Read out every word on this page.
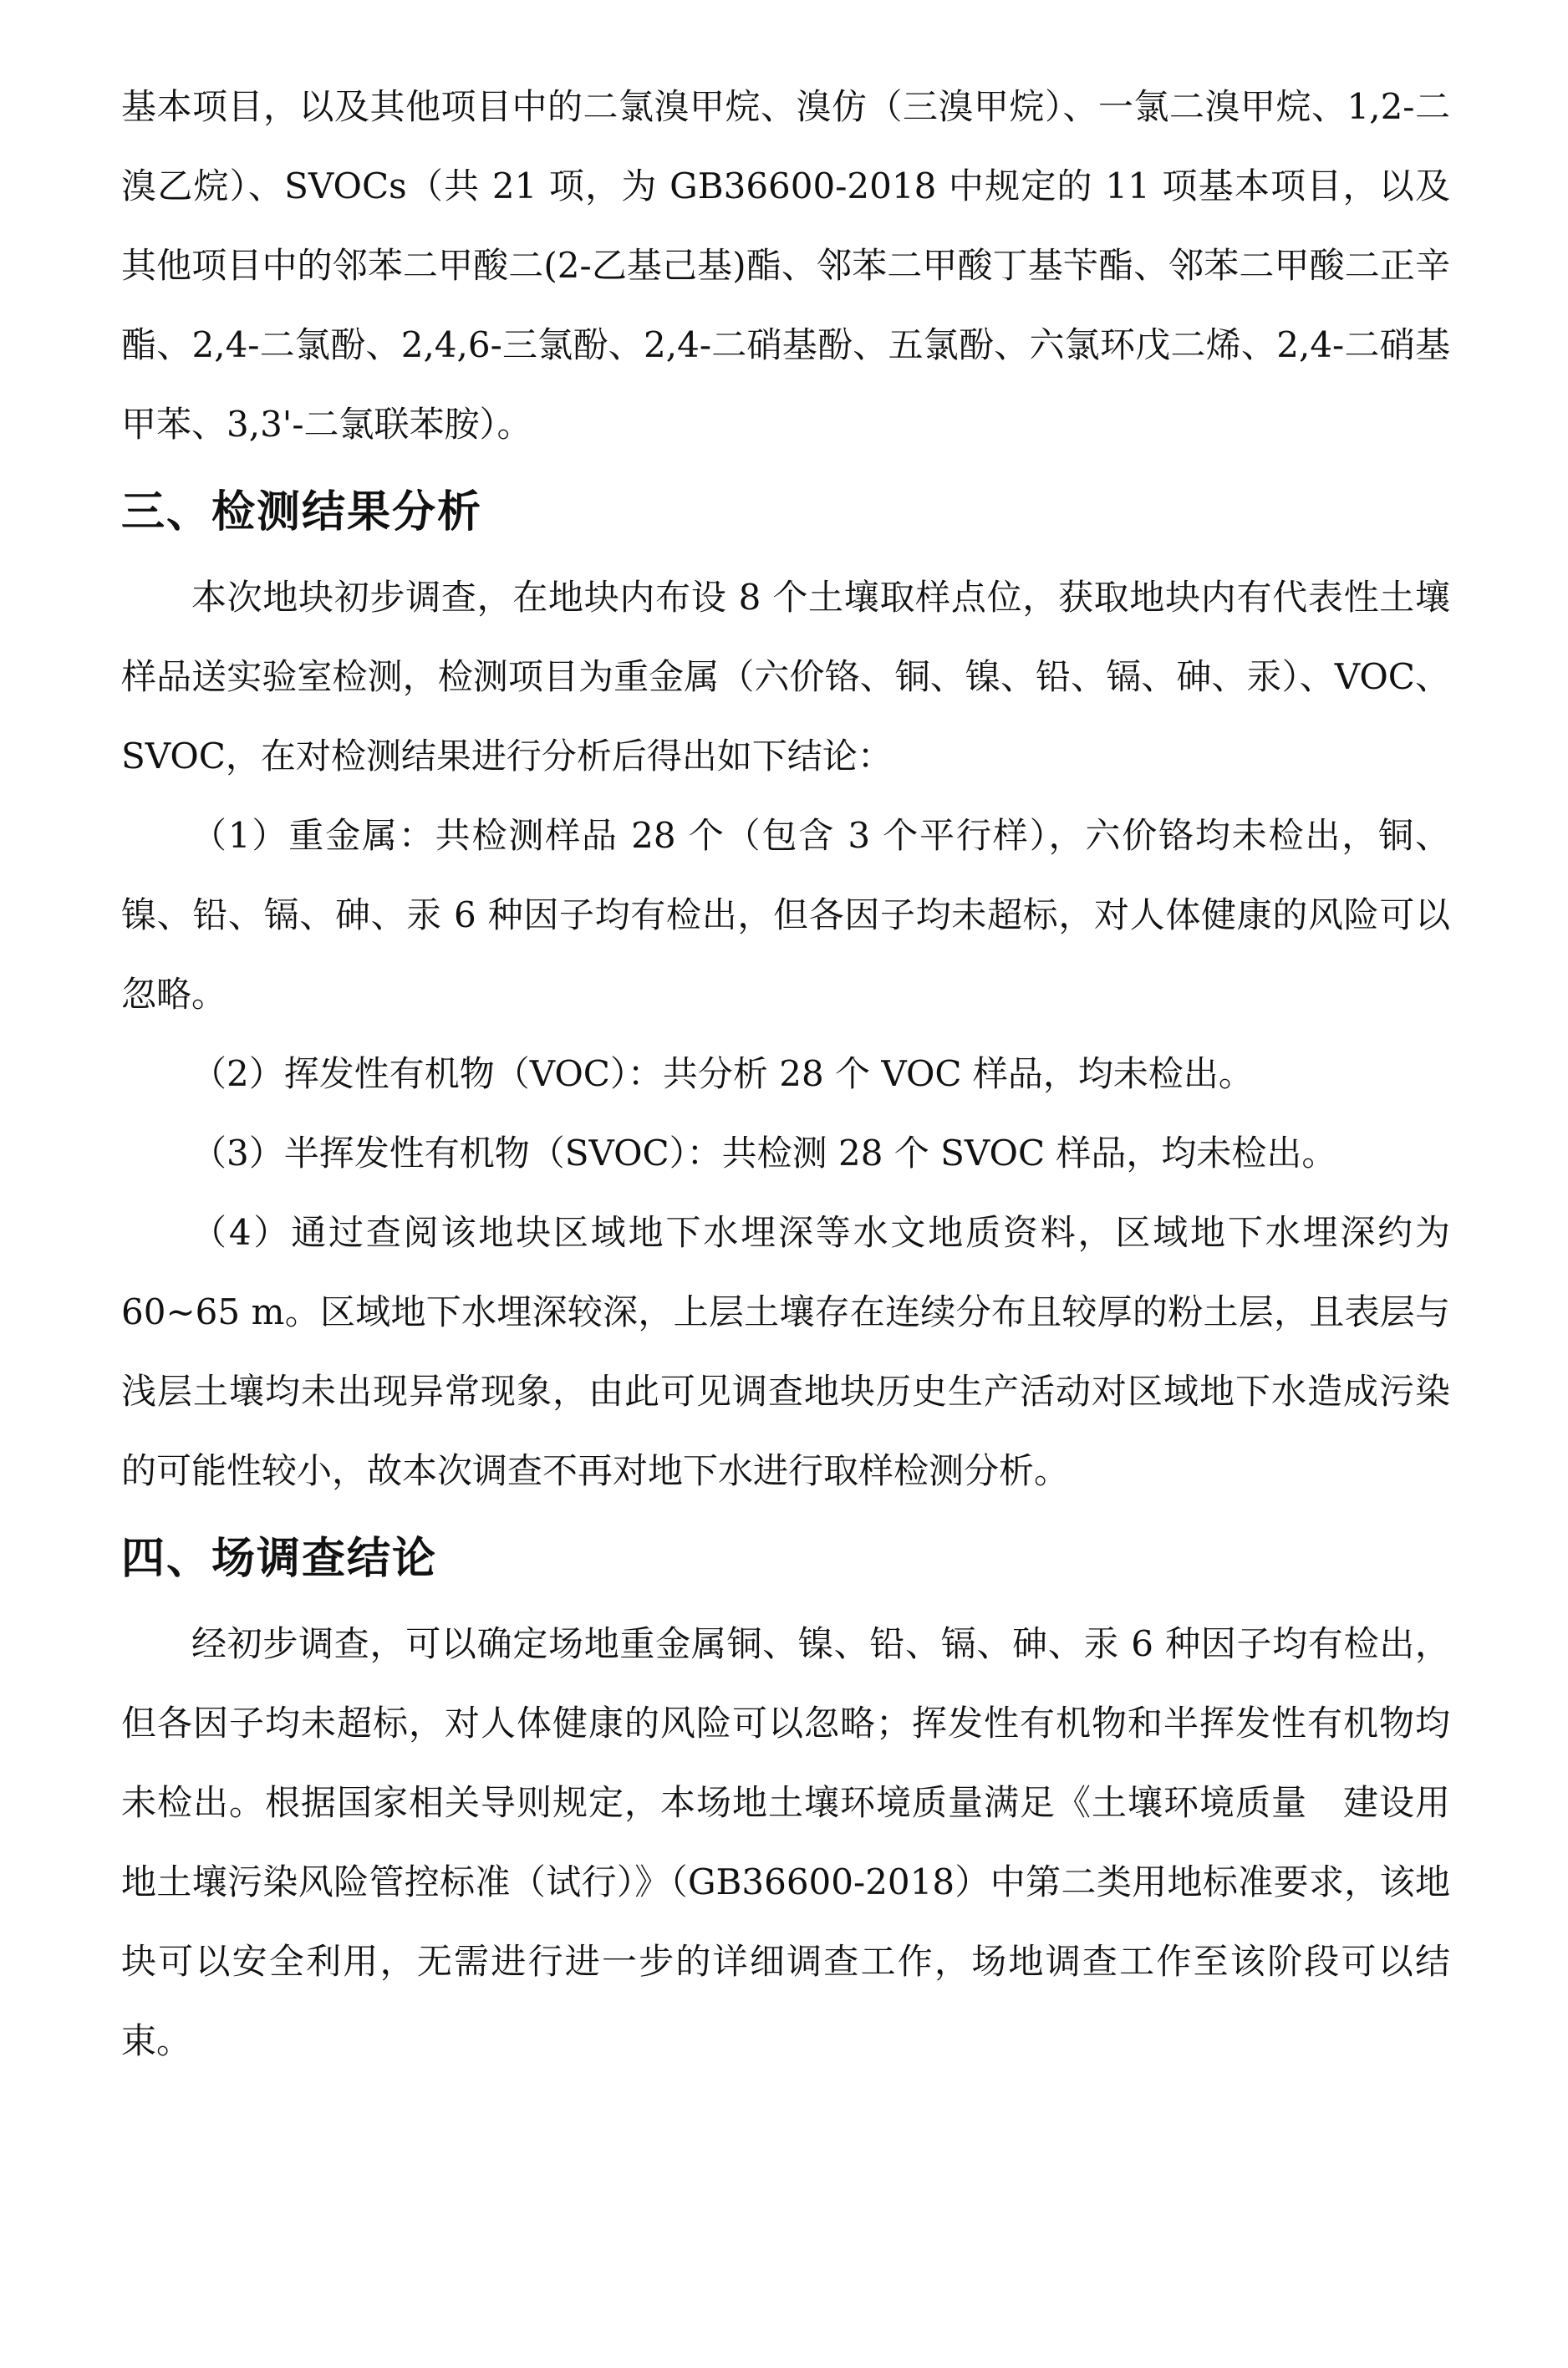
基本项目，以及其他项目中的二氯溴甲烷、溴仿（三溴甲烷）、一氯二溴甲烷、1,2-二溴乙烷）、SVOCs（共 21 项，为 GB36600-2018 中规定的 11 项基本项目，以及其他项目中的邻苯二甲酸二(2-乙基己基)酯、邻苯二甲酸丁基苄酯、邻苯二甲酸二正辛酯、2,4-二氯酚、2,4,6-三氯酚、2,4-二硝基酚、五氯酚、六氯环戊二烯、2,4-二硝基甲苯、3,3'-二氯联苯胺）。

三、检测结果分析

本次地块初步调查，在地块内布设 8 个土壤取样点位，获取地块内有代表性土壤样品送实验室检测，检测项目为重金属（六价铬、铜、镍、铅、镉、砷、汞）、VOC、SVOC，在对检测结果进行分析后得出如下结论：

（1）重金属：共检测样品 28 个（包含 3 个平行样），六价铬均未检出，铜、镍、铅、镉、砷、汞 6 种因子均有检出，但各因子均未超标，对人体健康的风险可以忽略。

（2）挥发性有机物（VOC）：共分析 28 个 VOC 样品，均未检出。

（3）半挥发性有机物（SVOC）：共检测 28 个 SVOC 样品，均未检出。

（4）通过查阅该地块区域地下水埋深等水文地质资料，区域地下水埋深约为 60~65 m。区域地下水埋深较深，上层土壤存在连续分布且较厚的粉土层，且表层与浅层土壤均未出现异常现象，由此可见调查地块历史生产活动对区域地下水造成污染的可能性较小，故本次调查不再对地下水进行取样检测分析。

四、场调查结论

经初步调查，可以确定场地重金属铜、镍、铅、镉、砷、汞 6 种因子均有检出，但各因子均未超标，对人体健康的风险可以忽略；挥发性有机物和半挥发性有机物均未检出。根据国家相关导则规定，本场地土壤环境质量满足《土壤环境质量　建设用地土壤污染风险管控标准（试行）》（GB36600-2018）中第二类用地标准要求，该地块可以安全利用，无需进行进一步的详细调查工作，场地调查工作至该阶段可以结束。
